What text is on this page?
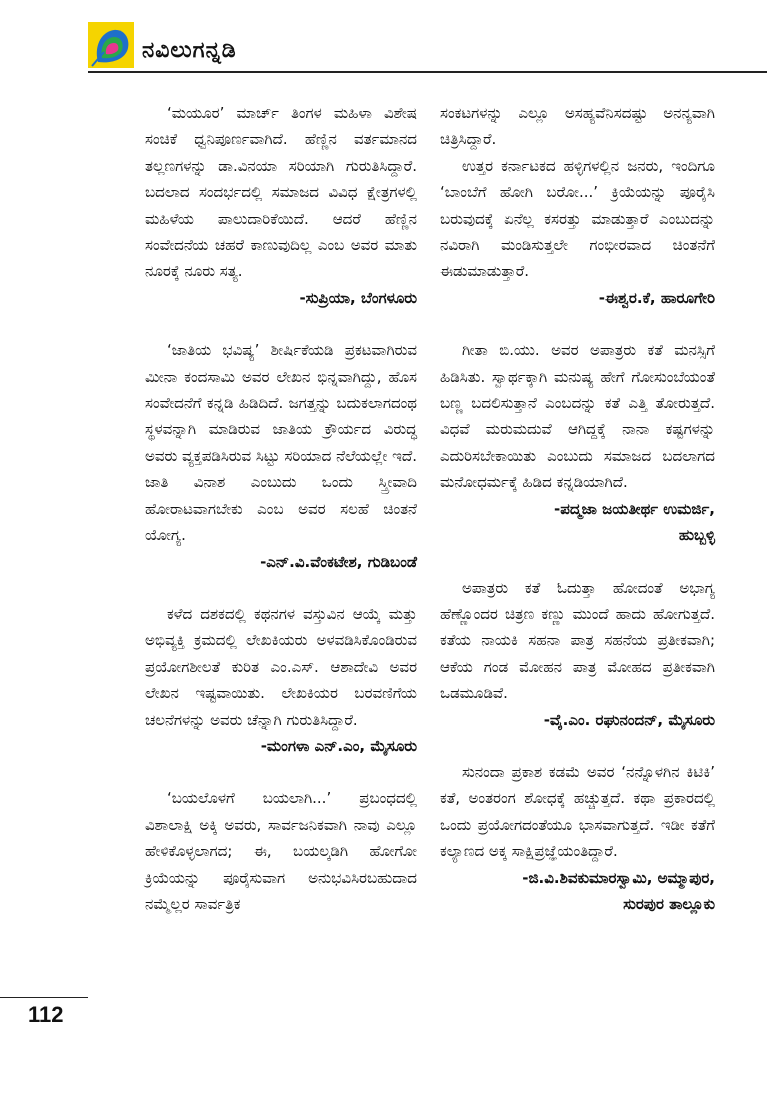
ನವಿಲುಗನ್ನಡಿ

‘ಮಯೂರ’ ಮಾರ್ಚ್ ತಿಂಗಳ ಮಹಿಳಾ ವಿಶೇಷ ಸಂಚಿಕೆ ಧ್ವನಿಪೂರ್ಣವಾಗಿದೆ. ಹೆಣ್ಣಿನ ವರ್ತಮಾನದ ತಲ್ಲಣಗಳನ್ನು ಡಾ.ವಿನಯಾ ಸರಿಯಾಗಿ ಗುರುತಿಸಿದ್ದಾರೆ. ಬದಲಾದ ಸಂದರ್ಭದಲ್ಲಿ ಸಮಾಜದ ವಿವಿಧ ಕ್ಷೇತ್ರಗಳಲ್ಲಿ ಮಹಿಳೆಯ ಪಾಲುದಾರಿಕೆಯಿದೆ. ಆದರೆ ಹೆಣ್ಣಿನ ಸಂವೇದನೆಯ ಚಹರೆ ಕಾಣುವುದಿಲ್ಲ ಎಂಬ ಅವರ ಮಾತು ನೂರಕ್ಕೆ ನೂರು ಸತ್ಯ.

-ಸುಪ್ರಿಯಾ, ಬೆಂಗಳೂರು

‘ಜಾತಿಯ ಭವಿಷ್ಯ’ ಶೀರ್ಷಿಕೆಯಡಿ ಪ್ರಕಟವಾಗಿರುವ ಮೀನಾ ಕಂದಸಾಮಿ ಅವರ ಲೇಖನ ಭಿನ್ನವಾಗಿದ್ದು, ಹೊಸ ಸಂವೇದನೆಗೆ ಕನ್ನಡಿ ಹಿಡಿದಿದೆ. ಜಗತ್ತನ್ನು ಬದುಕಲಾಗದಂಥ ಸ್ಥಳವನ್ನಾಗಿ ಮಾಡಿರುವ ಜಾತಿಯ ಕ್ರೌರ್ಯದ ವಿರುದ್ಧ ಅವರು ವ್ಯಕ್ತಪಡಿಸಿರುವ ಸಿಟ್ಟು ಸರಿಯಾದ ನೆಲೆಯಲ್ಲೇ ಇದೆ. ಜಾತಿ ವಿನಾಶ ಎಂಬುದು ಒಂದು ಸ್ತ್ರೀವಾದಿ ಹೋರಾಟವಾಗಬೇಕು ಎಂಬ ಅವರ ಸಲಹೆ ಚಿಂತನೆ ಯೋಗ್ಯ.

-ಎನ್.ವಿ.ವೆಂಕಟೇಶ, ಗುಡಿಬಂಡೆ

ಕಳೆದ ದಶಕದಲ್ಲಿ ಕಥನಗಳ ವಸ್ತುವಿನ ಆಯ್ಕೆ ಮತ್ತು ಅಭಿವ್ಯಕ್ತಿ ಕ್ರಮದಲ್ಲಿ ಲೇಖಕಿಯರು ಅಳವಡಿಸಿಕೊಂಡಿರುವ ಪ್ರಯೋಗಶೀಲತೆ ಕುರಿತ ಎಂ.ಎಸ್. ಆಶಾದೇವಿ ಅವರ ಲೇಖನ ಇಷ್ಟವಾಯಿತು. ಲೇಖಕಿಯರ ಬರವಣಿಗೆಯ ಚಲನೆಗಳನ್ನು ಅವರು ಚೆನ್ನಾಗಿ ಗುರುತಿಸಿದ್ದಾರೆ.

-ಮಂಗಳಾ ಎನ್.ಎಂ, ಮೈಸೂರು

‘ಬಯಲೊಳಗೆ ಬಯಲಾಗಿ...’ ಪ್ರಬಂಧದಲ್ಲಿ ವಿಶಾಲಾಕ್ಷಿ ಅಕ್ಕಿ ಅವರು, ಸಾರ್ವಜನಿಕವಾಗಿ ನಾವು ಎಲ್ಲೂ ಹೇಳಿಕೊಳ್ಳಲಾಗದ; ಈ, ಬಯಲ್ಕಡಿಗಿ ಹೋಗೋ ಕ್ರಿಯೆಯನ್ನು ಪೂರೈಸುವಾಗ ಅನುಭವಿಸಿರಬಹುದಾದ ನಮ್ಮೆಲ್ಲರ ಸಾರ್ವತ್ರಿಕ

ಸಂಕಟಗಳನ್ನು ಎಲ್ಲೂ ಅಸಹ್ಯವೆನಿಸದಷ್ಟು ಅನನ್ಯವಾಗಿ ಚಿತ್ರಿಸಿದ್ದಾರೆ.

ಉತ್ತರ ಕರ್ನಾಟಕದ ಹಳ್ಳಿಗಳಲ್ಲಿನ ಜನರು, ಇಂದಿಗೂ ‘ಬಾಂಬೆಗೆ ಹೋಗಿ ಬರೋ...’ ಕ್ರಿಯೆಯನ್ನು ಪೂರೈಸಿ ಬರುವುದಕ್ಕೆ ಏನೆಲ್ಲ ಕಸರತ್ತು ಮಾಡುತ್ತಾರೆ ಎಂಬುದನ್ನು ನವಿರಾಗಿ ಮಂಡಿಸುತ್ತಲೇ ಗಂಭೀರವಾದ ಚಿಂತನೆಗೆ ಈಡುಮಾಡುತ್ತಾರೆ.

-ಈಶ್ವರ.ಕೆ, ಹಾರೂಗೇರಿ

ಗೀತಾ ಬಿ.ಯು. ಅವರ ಅಪಾತ್ರರು ಕತೆ ಮನಸ್ಸಿಗೆ ಹಿಡಿಸಿತು. ಸ್ವಾರ್ಥಕ್ಕಾಗಿ ಮನುಷ್ಯ ಹೇಗೆ ಗೋಸುಂಬೆಯಂತೆ ಬಣ್ಣ ಬದಲಿಸುತ್ತಾನೆ ಎಂಬದನ್ನು ಕತೆ ಎತ್ತಿ ತೋರುತ್ತದೆ. ವಿಧವೆ ಮರುಮದುವೆ ಆಗಿದ್ದಕ್ಕೆ ನಾನಾ ಕಷ್ಟಗಳನ್ನು ಎದುರಿಸಬೇಕಾಯಿತು ಎಂಬುದು ಸಮಾಜದ ಬದಲಾಗದ ಮನೋಧರ್ಮಕ್ಕೆ ಹಿಡಿದ ಕನ್ನಡಿಯಾಗಿದೆ.

-ಪದ್ಮಜಾ ಜಯತೀರ್ಥ ಉಮರ್ಜಿ,
ಹುಬ್ಬಳ್ಳಿ

ಅಪಾತ್ರರು ಕತೆ ಓದುತ್ತಾ ಹೋದಂತೆ ಅಭಾಗ್ಯ ಹೆಣ್ಣೊಂದರ ಚಿತ್ರಣ ಕಣ್ಣು ಮುಂದೆ ಹಾದು ಹೋಗುತ್ತದೆ. ಕತೆಯ ನಾಯಕಿ ಸಹನಾ ಪಾತ್ರ ಸಹನೆಯ ಪ್ರತೀಕವಾಗಿ; ಆಕೆಯ ಗಂಡ ಮೋಹನ ಪಾತ್ರ ಮೋಹದ ಪ್ರತೀಕವಾಗಿ ಒಡಮೂಡಿವೆ.

-ವೈ.ಎಂ. ರಘುನಂದನ್, ಮೈಸೂರು

ಸುನಂದಾ ಪ್ರಕಾಶ ಕಡಮೆ ಅವರ ‘ನನ್ನೊಳಗಿನ ಕಿಟಿಕಿ’ ಕತೆ, ಅಂತರಂಗ ಶೋಧಕ್ಕೆ ಹಚ್ಚುತ್ತದೆ. ಕಥಾ ಪ್ರಕಾರದಲ್ಲಿ ಒಂದು ಪ್ರಯೋಗದಂತೆಯೂ ಭಾಸವಾಗುತ್ತದೆ. ಇಡೀ ಕತೆಗೆ ಕಲ್ಯಾಣದ ಅಕ್ಕ ಸಾಕ್ಷಿಪ್ರಜ್ಞೆಯಂತಿದ್ದಾರೆ.

-ಜಿ.ವಿ.ಶಿವಕುಮಾರಸ್ವಾಮಿ, ಅಮ್ಮಾಪುರ,
ಸುರಪುರ ತಾಲ್ಲೂಕು
112
